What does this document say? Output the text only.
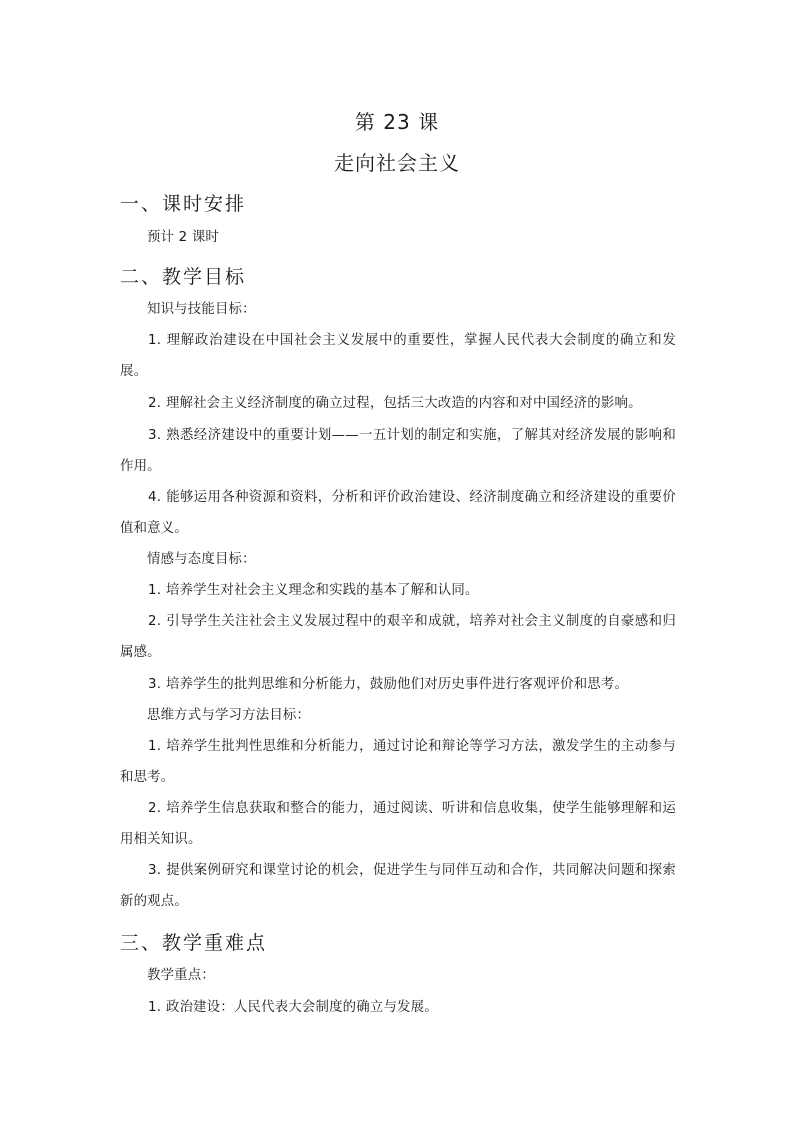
第 23 课
走向社会主义
一、课时安排
预计 2 课时
二、教学目标
知识与技能目标：
1. 理解政治建设在中国社会主义发展中的重要性，掌握人民代表大会制度的确立和发展。
2. 理解社会主义经济制度的确立过程，包括三大改造的内容和对中国经济的影响。
3. 熟悉经济建设中的重要计划——一五计划的制定和实施，了解其对经济发展的影响和作用。
4. 能够运用各种资源和资料，分析和评价政治建设、经济制度确立和经济建设的重要价值和意义。
情感与态度目标：
1. 培养学生对社会主义理念和实践的基本了解和认同。
2. 引导学生关注社会主义发展过程中的艰辛和成就，培养对社会主义制度的自豪感和归属感。
3. 培养学生的批判思维和分析能力，鼓励他们对历史事件进行客观评价和思考。
思维方式与学习方法目标：
1. 培养学生批判性思维和分析能力，通过讨论和辩论等学习方法，激发学生的主动参与和思考。
2. 培养学生信息获取和整合的能力，通过阅读、听讲和信息收集，使学生能够理解和运用相关知识。
3. 提供案例研究和课堂讨论的机会，促进学生与同伴互动和合作，共同解决问题和探索新的观点。
三、教学重难点
教学重点：
1. 政治建设：人民代表大会制度的确立与发展。
